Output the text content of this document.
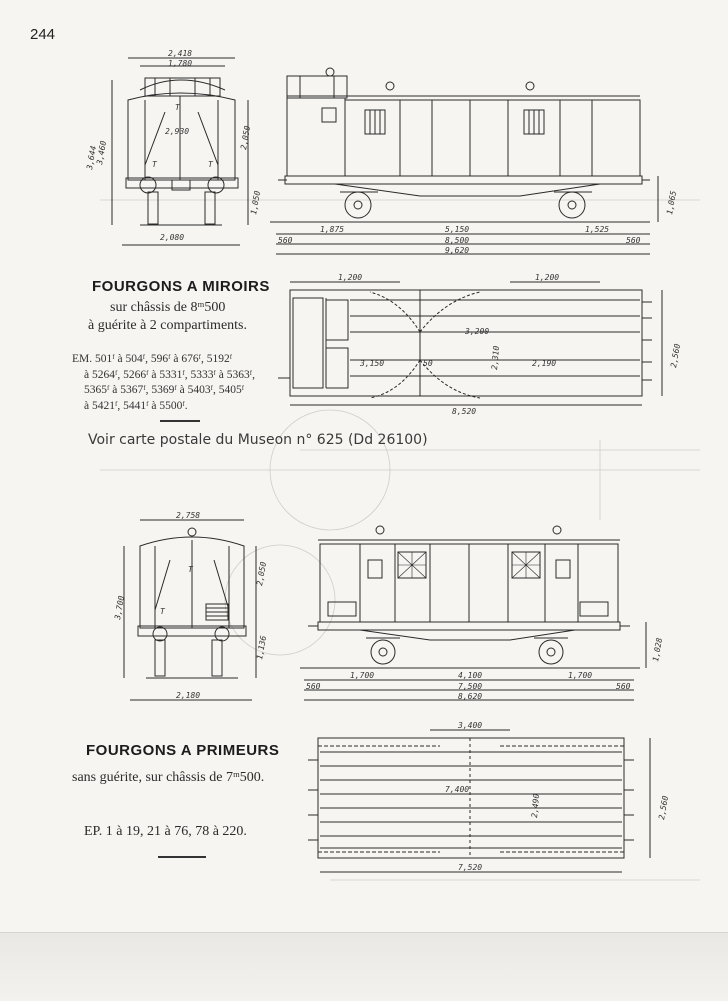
244
2,418
1,780
2,080
2,930
T	T
T
3,644
3,460
2,050
1,050
1,875	5,150	1,525
560	8,500	560
9,620
1,065
1,200	1,200
3,200
2,310
3,150	50	2,190
8,520
2,560
2,758
2,180
T
T
3,700
2,050
1,136
1,700	4,100	1,700
560	7,500	560
8,620
1,028
3,400
7,400
2,490
7,520
2,560
FOURGONS A MIROIRS
sur châssis de 8ᵐ500
à guérite à 2 compartiments.
EM. 501ᶠ à 504ᶠ, 596ᶠ à 676ᶠ, 5192ᶠ
à 5264ᶠ, 5266ᶠ à 5331ᶠ, 5333ᶠ à 5363ᶠ,
5365ᶠ à 5367ᶠ, 5369ᶠ à 5403ᶠ, 5405ᶠ
à 5421ᶠ, 5441ᶠ à 5500ᶠ.
Voir carte postale du Museon n° 625 (Dd 26100)
FOURGONS A PRIMEURS
sans guérite, sur châssis de 7ᵐ500.
EP. 1 à 19, 21 à 76, 78 à 220.
